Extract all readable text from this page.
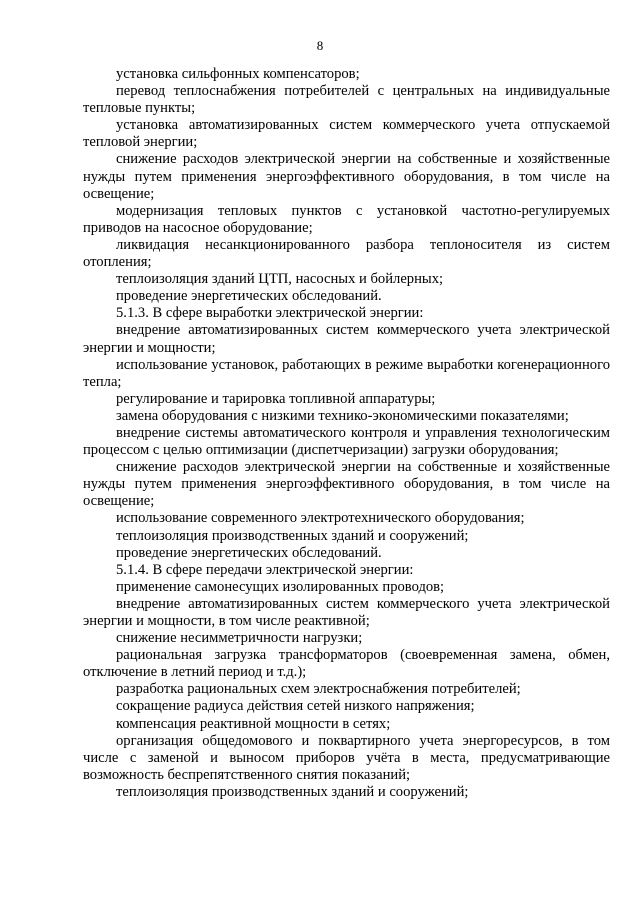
8

установка сильфонных компенсаторов;

перевод теплоснабжения потребителей с центральных на индивидуальные тепловые пункты;

установка автоматизированных систем коммерческого учета отпускаемой тепловой энергии;

снижение расходов электрической энергии на собственные и хозяйственные нужды путем применения энергоэффективного оборудования, в том числе на освещение;

модернизация тепловых пунктов с установкой частотно-регулируемых приводов на насосное оборудование;

ликвидация несанкционированного разбора теплоносителя из систем отопления;

теплоизоляция зданий ЦТП, насосных и бойлерных;

проведение энергетических обследований.

5.1.3. В сфере выработки электрической энергии:

внедрение автоматизированных систем коммерческого учета электрической энергии и мощности;

использование установок, работающих в режиме выработки когенерационного тепла;

регулирование и тарировка топливной аппаратуры;

замена оборудования с низкими технико-экономическими показателями;

внедрение системы автоматического контроля и управления технологическим процессом с целью оптимизации (диспетчеризации) загрузки оборудования;

снижение расходов электрической энергии на собственные и хозяйственные нужды путем применения энергоэффективного оборудования, в том числе на освещение;

использование современного электротехнического оборудования;

теплоизоляция производственных зданий и сооружений;

проведение энергетических обследований.

5.1.4. В сфере передачи электрической энергии:

применение самонесущих изолированных проводов;

внедрение автоматизированных систем коммерческого учета электрической энергии и мощности, в том числе реактивной;

снижение несимметричности нагрузки;

рациональная загрузка трансформаторов (своевременная замена, обмен, отключение в летний период и т.д.);

разработка рациональных схем электроснабжения потребителей;

сокращение радиуса действия сетей низкого напряжения;

компенсация реактивной мощности в сетях;

организация общедомового и поквартирного учета энергоресурсов, в том числе с заменой и выносом приборов учёта в места, предусматривающие возможность беспрепятственного снятия показаний;

теплоизоляция производственных зданий и сооружений;
